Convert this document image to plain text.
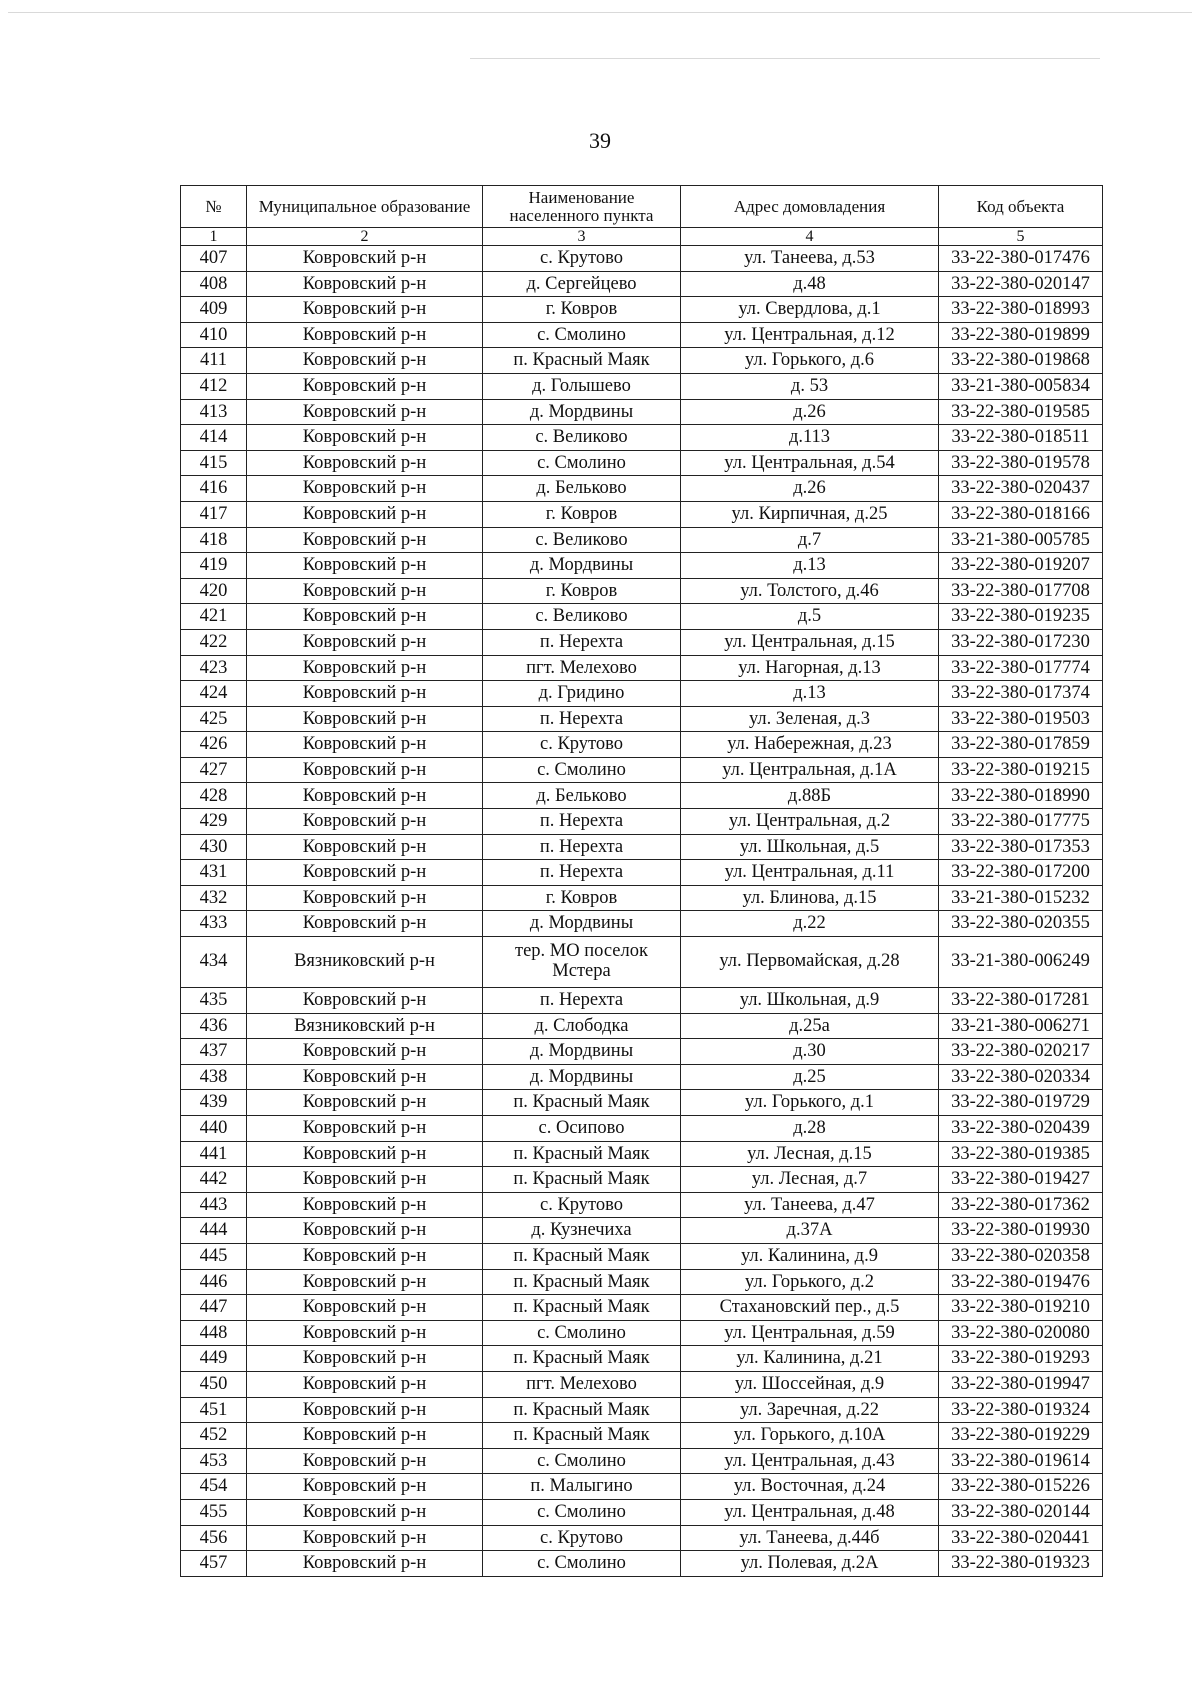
39
№	Муниципальное образование	Наименование населенного пункта	Адрес домовладения	Код объекта
1	2	3	4	5
407	Ковровский р-н	с. Крутово	ул. Танеева, д.53	33-22-380-017476
408	Ковровский р-н	д. Сергейцево	д.48	33-22-380-020147
409	Ковровский р-н	г. Ковров	ул. Свердлова, д.1	33-22-380-018993
410	Ковровский р-н	с. Смолино	ул. Центральная, д.12	33-22-380-019899
411	Ковровский р-н	п. Красный Маяк	ул. Горького, д.6	33-22-380-019868
412	Ковровский р-н	д. Голышево	д. 53	33-21-380-005834
413	Ковровский р-н	д. Мордвины	д.26	33-22-380-019585
414	Ковровский р-н	с. Великово	д.113	33-22-380-018511
415	Ковровский р-н	с. Смолино	ул. Центральная, д.54	33-22-380-019578
416	Ковровский р-н	д. Бельково	д.26	33-22-380-020437
417	Ковровский р-н	г. Ковров	ул. Кирпичная, д.25	33-22-380-018166
418	Ковровский р-н	с. Великово	д.7	33-21-380-005785
419	Ковровский р-н	д. Мордвины	д.13	33-22-380-019207
420	Ковровский р-н	г. Ковров	ул. Толстого, д.46	33-22-380-017708
421	Ковровский р-н	с. Великово	д.5	33-22-380-019235
422	Ковровский р-н	п. Нерехта	ул. Центральная, д.15	33-22-380-017230
423	Ковровский р-н	пгт. Мелехово	ул. Нагорная, д.13	33-22-380-017774
424	Ковровский р-н	д. Гридино	д.13	33-22-380-017374
425	Ковровский р-н	п. Нерехта	ул. Зеленая, д.3	33-22-380-019503
426	Ковровский р-н	с. Крутово	ул. Набережная, д.23	33-22-380-017859
427	Ковровский р-н	с. Смолино	ул. Центральная, д.1А	33-22-380-019215
428	Ковровский р-н	д. Бельково	д.88Б	33-22-380-018990
429	Ковровский р-н	п. Нерехта	ул. Центральная, д.2	33-22-380-017775
430	Ковровский р-н	п. Нерехта	ул. Школьная, д.5	33-22-380-017353
431	Ковровский р-н	п. Нерехта	ул. Центральная, д.11	33-22-380-017200
432	Ковровский р-н	г. Ковров	ул. Блинова, д.15	33-21-380-015232
433	Ковровский р-н	д. Мордвины	д.22	33-22-380-020355
434	Вязниковский р-н	тер. МО поселок Мстера	ул. Первомайская, д.28	33-21-380-006249
435	Ковровский р-н	п. Нерехта	ул. Школьная, д.9	33-22-380-017281
436	Вязниковский р-н	д. Слободка	д.25а	33-21-380-006271
437	Ковровский р-н	д. Мордвины	д.30	33-22-380-020217
438	Ковровский р-н	д. Мордвины	д.25	33-22-380-020334
439	Ковровский р-н	п. Красный Маяк	ул. Горького, д.1	33-22-380-019729
440	Ковровский р-н	с. Осипово	д.28	33-22-380-020439
441	Ковровский р-н	п. Красный Маяк	ул. Лесная, д.15	33-22-380-019385
442	Ковровский р-н	п. Красный Маяк	ул. Лесная, д.7	33-22-380-019427
443	Ковровский р-н	с. Крутово	ул. Танеева, д.47	33-22-380-017362
444	Ковровский р-н	д. Кузнечиха	д.37А	33-22-380-019930
445	Ковровский р-н	п. Красный Маяк	ул. Калинина, д.9	33-22-380-020358
446	Ковровский р-н	п. Красный Маяк	ул. Горького, д.2	33-22-380-019476
447	Ковровский р-н	п. Красный Маяк	Стахановский пер., д.5	33-22-380-019210
448	Ковровский р-н	с. Смолино	ул. Центральная, д.59	33-22-380-020080
449	Ковровский р-н	п. Красный Маяк	ул. Калинина, д.21	33-22-380-019293
450	Ковровский р-н	пгт. Мелехово	ул. Шоссейная, д.9	33-22-380-019947
451	Ковровский р-н	п. Красный Маяк	ул. Заречная, д.22	33-22-380-019324
452	Ковровский р-н	п. Красный Маяк	ул. Горького, д.10А	33-22-380-019229
453	Ковровский р-н	с. Смолино	ул. Центральная, д.43	33-22-380-019614
454	Ковровский р-н	п. Малыгино	ул. Восточная, д.24	33-22-380-015226
455	Ковровский р-н	с. Смолино	ул. Центральная, д.48	33-22-380-020144
456	Ковровский р-н	с. Крутово	ул. Танеева, д.44б	33-22-380-020441
457	Ковровский р-н	с. Смолино	ул. Полевая, д.2А	33-22-380-019323
